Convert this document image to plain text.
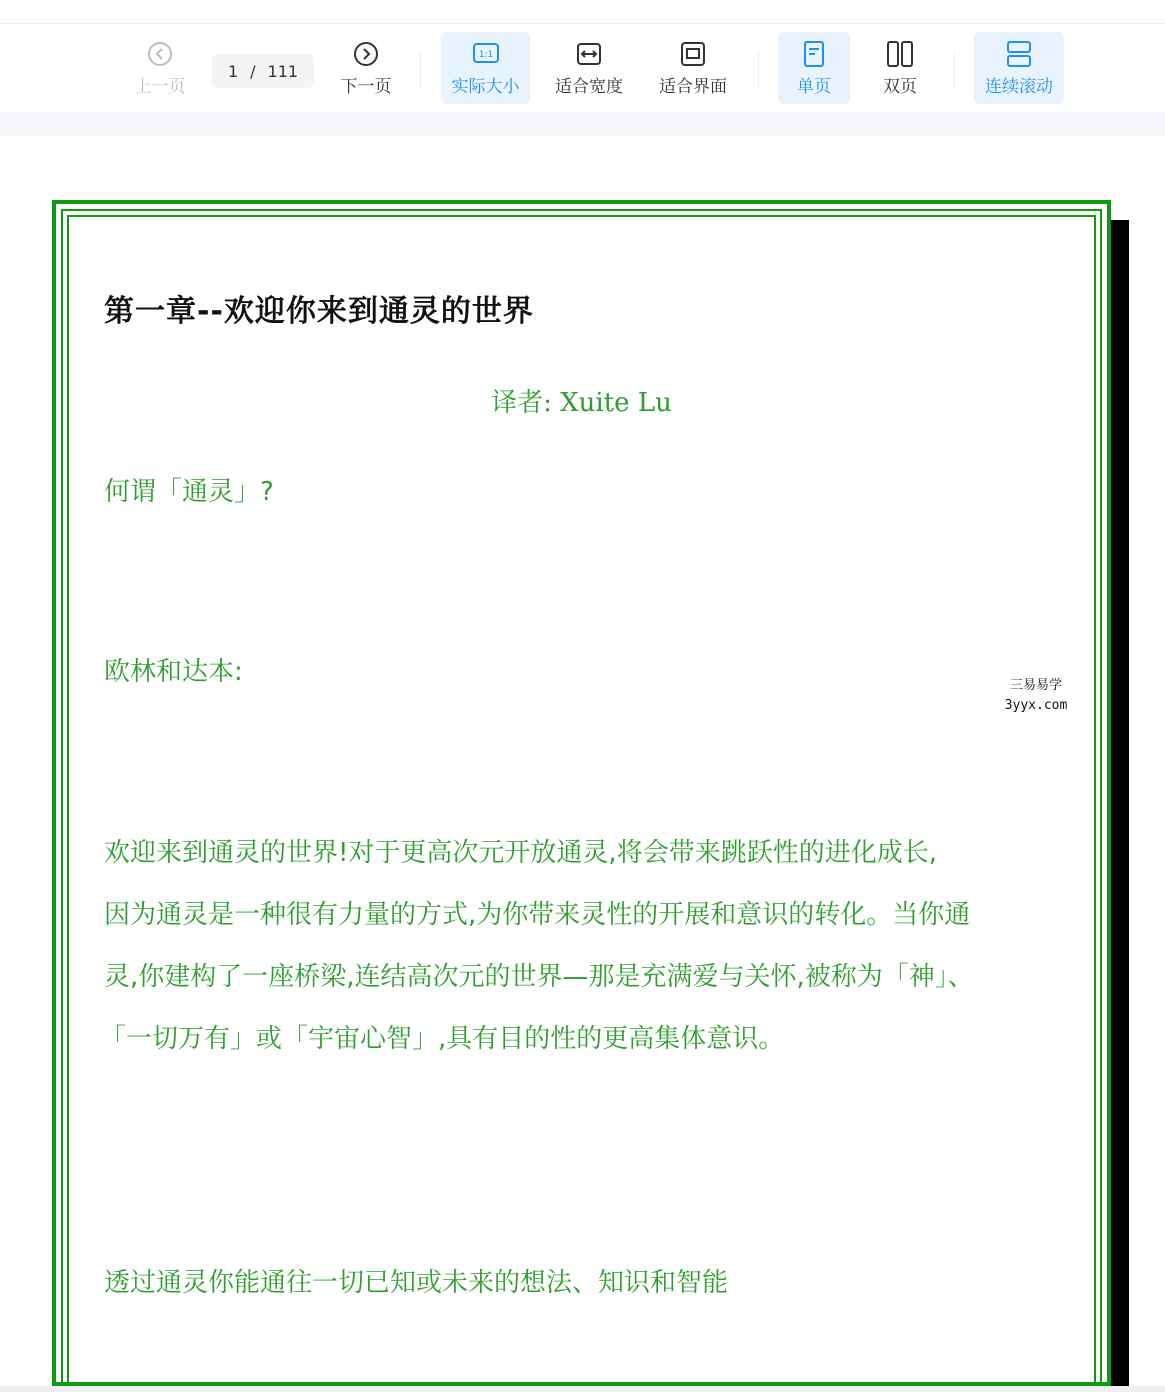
上一页
1 / 111
下一页
1:1
实际大小 适合宽度 适合界面	单页	双页	连续滚动
第一章--欢迎你来到通灵的世界
译者: Xuite Lu
何谓「通灵」?
欧林和达本:
欢迎来到通灵的世界!对于更高次元开放通灵,将会带来跳跃性的进化成长,
因为通灵是一种很有力量的方式,为你带来灵性的开展和意识的转化。当你通
灵,你建构了一座桥梁,连结高次元的世界—那是充满爱与关怀,被称为「神」、
「一切万有」或「宇宙心智」,具有目的性的更高集体意识。
透过通灵你能通往一切已知或未来的想法、知识和智能
三易易学
3yyx.com
